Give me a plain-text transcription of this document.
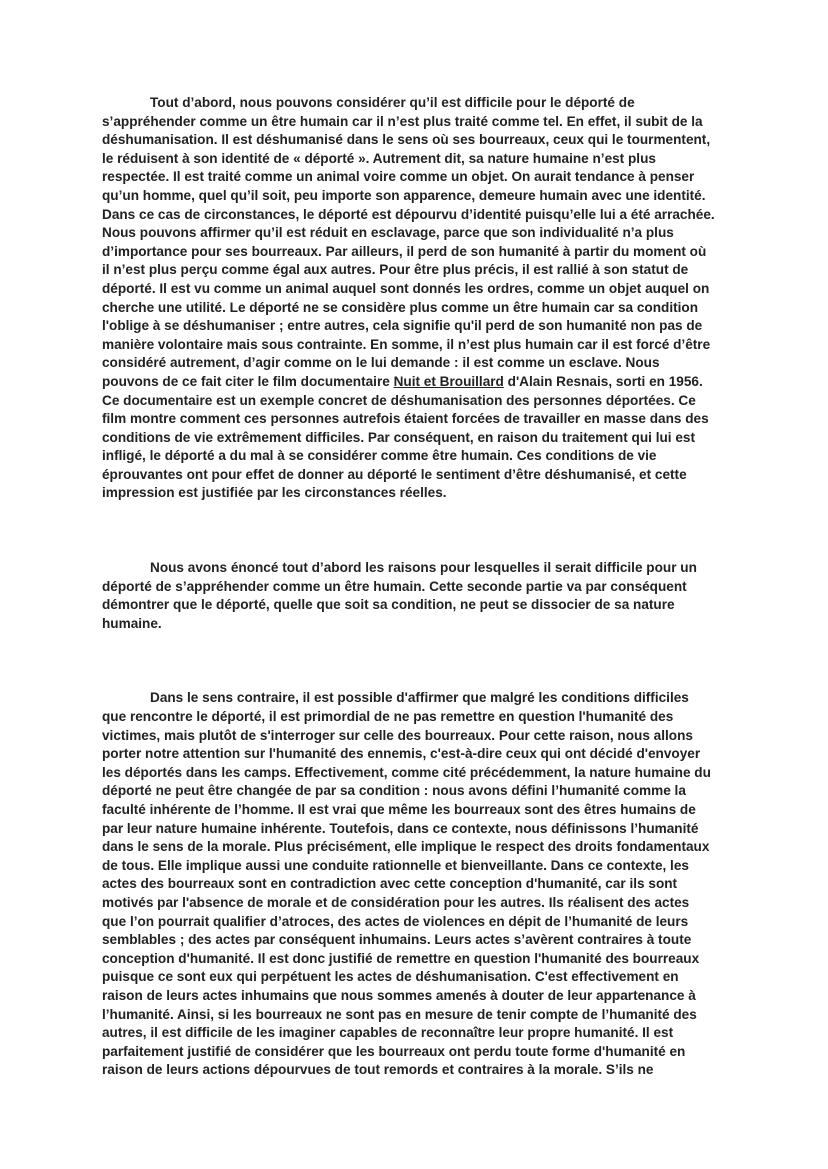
Tout d’abord, nous pouvons considérer qu’il est difficile pour le déporté de
s’appréhender comme un être humain car il n’est plus traité comme tel. En effet, il subit de la
déshumanisation. Il est déshumanisé dans le sens où ses bourreaux, ceux qui le tourmentent,
le réduisent à son identité de « déporté ». Autrement dit, sa nature humaine n’est plus
respectée. Il est traité comme un animal voire comme un objet. On aurait tendance à penser
qu’un homme, quel qu’il soit, peu importe son apparence, demeure humain avec une identité.
Dans ce cas de circonstances, le déporté est dépourvu d’identité puisqu’elle lui a été arrachée.
Nous pouvons affirmer qu’il est réduit en esclavage, parce que son individualité n’a plus
d’importance pour ses bourreaux. Par ailleurs, il perd de son humanité à partir du moment où
il n’est plus perçu comme égal aux autres. Pour être plus précis, il est rallié à son statut de
déporté. Il est vu comme un animal auquel sont donnés les ordres, comme un objet auquel on
cherche une utilité. Le déporté ne se considère plus comme un être humain car sa condition
l'oblige à se déshumaniser ; entre autres, cela signifie qu'il perd de son humanité non pas de
manière volontaire mais sous contrainte. En somme, il n’est plus humain car il est forcé d’être
considéré autrement, d’agir comme on le lui demande : il est comme un esclave. Nous
pouvons de ce fait citer le film documentaire Nuit et Brouillard d'Alain Resnais, sorti en 1956.
Ce documentaire est un exemple concret de déshumanisation des personnes déportées. Ce
film montre comment ces personnes autrefois étaient forcées de travailler en masse dans des
conditions de vie extrêmement difficiles. Par conséquent, en raison du traitement qui lui est
infligé, le déporté a du mal à se considérer comme être humain. Ces conditions de vie
éprouvantes ont pour effet de donner au déporté le sentiment d’être déshumanisé, et cette
impression est justifiée par les circonstances réelles.

Nous avons énoncé tout d’abord les raisons pour lesquelles il serait difficile pour un
déporté de s’appréhender comme un être humain. Cette seconde partie va par conséquent
démontrer que le déporté, quelle que soit sa condition, ne peut se dissocier de sa nature
humaine.

Dans le sens contraire, il est possible d'affirmer que malgré les conditions difficiles
que rencontre le déporté, il est primordial de ne pas remettre en question l'humanité des
victimes, mais plutôt de s'interroger sur celle des bourreaux. Pour cette raison, nous allons
porter notre attention sur l'humanité des ennemis, c'est-à-dire ceux qui ont décidé d'envoyer
les déportés dans les camps. Effectivement, comme cité précédemment, la nature humaine du
déporté ne peut être changée de par sa condition : nous avons défini l’humanité comme la
faculté inhérente de l’homme. Il est vrai que même les bourreaux sont des êtres humains de
par leur nature humaine inhérente. Toutefois, dans ce contexte, nous définissons l’humanité
dans le sens de la morale. Plus précisément, elle implique le respect des droits fondamentaux
de tous. Elle implique aussi une conduite rationnelle et bienveillante. Dans ce contexte, les
actes des bourreaux sont en contradiction avec cette conception d'humanité, car ils sont
motivés par l'absence de morale et de considération pour les autres. Ils réalisent des actes
que l’on pourrait qualifier d’atroces, des actes de violences en dépit de l’humanité de leurs
semblables ; des actes par conséquent inhumains. Leurs actes s’avèrent contraires à toute
conception d'humanité. Il est donc justifié de remettre en question l'humanité des bourreaux
puisque ce sont eux qui perpétuent les actes de déshumanisation. C'est effectivement en
raison de leurs actes inhumains que nous sommes amenés à douter de leur appartenance à
l’humanité. Ainsi, si les bourreaux ne sont pas en mesure de tenir compte de l’humanité des
autres, il est difficile de les imaginer capables de reconnaître leur propre humanité. Il est
parfaitement justifié de considérer que les bourreaux ont perdu toute forme d'humanité en
raison de leurs actions dépourvues de tout remords et contraires à la morale. S’ils ne
